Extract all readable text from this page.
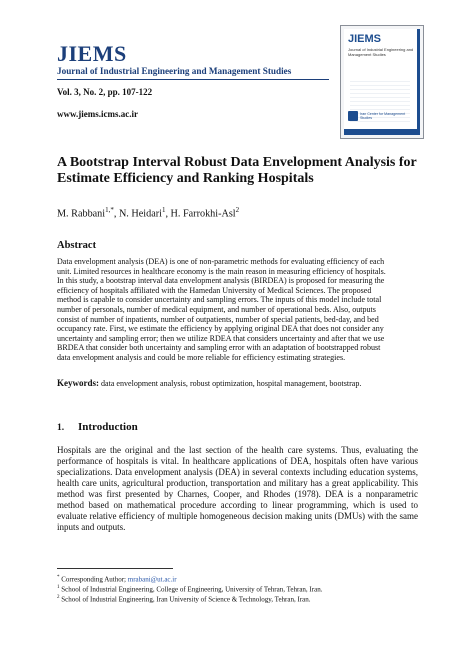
JIEMS
Journal of Industrial Engineering and Management Studies
Vol. 3, No. 2, pp. 107-122
www.jiems.icms.ac.ir
JIEMS
Journal of Industrial Engineering and Management Studies
Iran Center for Management Studies
A Bootstrap Interval Robust Data Envelopment Analysis for Estimate Efficiency and Ranking Hospitals
M. Rabbani$^{1,*}$, N. Heidari$^1$, H. Farrokhi-Asl$^2$
Abstract
Data envelopment analysis (DEA) is one of non-parametric methods for evaluating efficiency of each
unit. Limited resources in healthcare economy is the main reason in measuring efficiency of hospitals.
In this study, a bootstrap interval data envelopment analysis (BIRDEA) is proposed for measuring the
efficiency of hospitals affiliated with the Hamedan University of Medical Sciences. The proposed
method is capable to consider uncertainty and sampling errors. The inputs of this model include total
number of personals, number of medical equipment, and number of operational beds. Also, outputs
consist of number of inpatients, number of outpatients, number of special patients, bed-day, and bed
occupancy rate. First, we estimate the efficiency by applying original DEA that does not consider any
uncertainty and sampling error; then we utilize RDEA that considers uncertainty and after that we use
BRDEA that consider both uncertainty and sampling error with an adaptation of bootstrapped robust
data envelopment analysis and could be more reliable for efficiency estimating strategies.
Keywords: data envelopment analysis, robust optimization, hospital management, bootstrap.
1. Introduction
Hospitals are the original and the last section of the health care systems. Thus, evaluating the performance of hospitals is vital. In healthcare applications of DEA, hospitals often have various specializations. Data envelopment analysis (DEA) in several contexts including education systems, health care units, agricultural production, transportation and military has a great applicability. This method was first presented by Charnes, Cooper, and Rhodes (1978). DEA is a nonparametric method based on mathematical procedure according to linear programming, which is used to evaluate relative efficiency of multiple homogeneous decision making units (DMUs) with the same inputs and outputs.
* Corresponding Author; mrabani@ut.ac.ir
$^1$ School of Industrial Engineering, College of Engineering, University of Tehran, Tehran, Iran.
$^2$ School of Industrial Engineering, Iran University of Science & Technology, Tehran, Iran.
